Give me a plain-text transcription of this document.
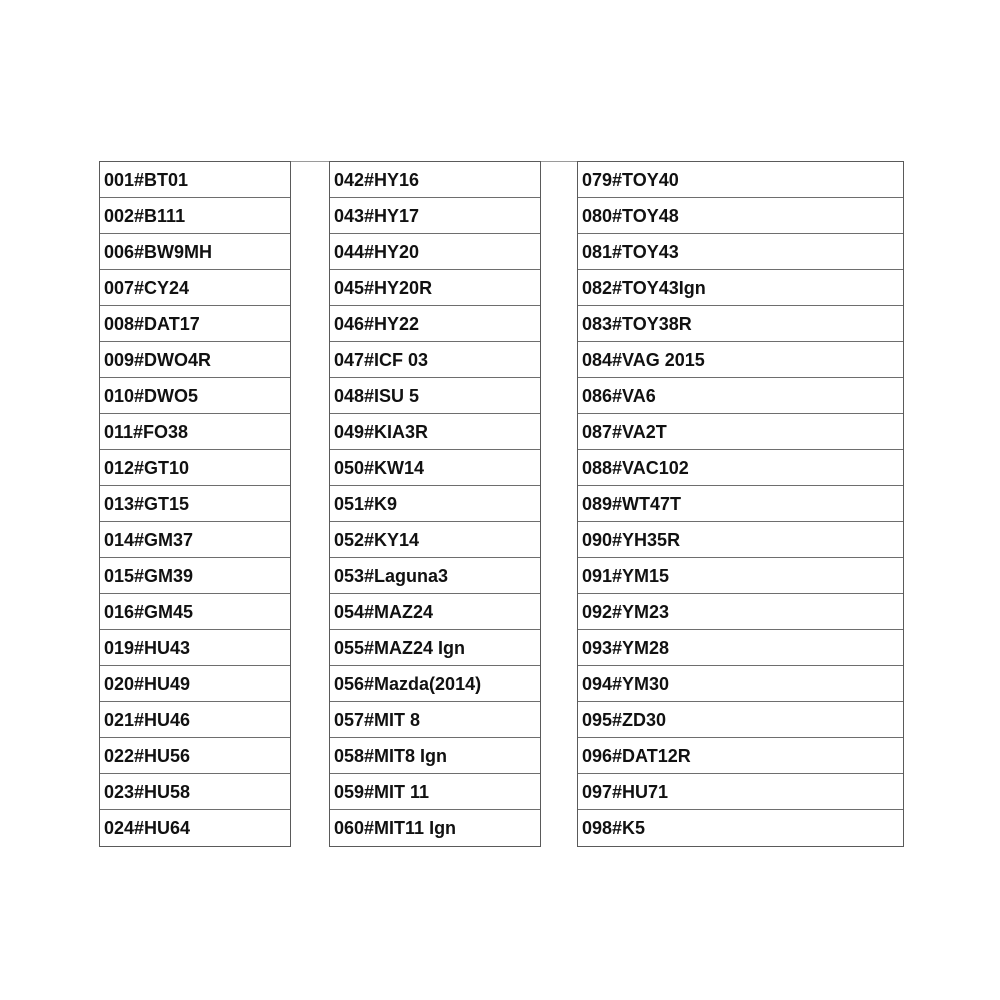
001#BT01
002#B111
006#BW9MH
007#CY24
008#DAT17
009#DWO4R
010#DWO5
011#FO38
012#GT10
013#GT15
014#GM37
015#GM39
016#GM45
019#HU43
020#HU49
021#HU46
022#HU56
023#HU58
024#HU64
042#HY16
043#HY17
044#HY20
045#HY20R
046#HY22
047#ICF 03
048#ISU 5
049#KIA3R
050#KW14
051#K9
052#KY14
053#Laguna3
054#MAZ24
055#MAZ24 Ign
056#Mazda(2014)
057#MIT 8
058#MIT8 Ign
059#MIT 11
060#MIT11 Ign
079#TOY40
080#TOY48
081#TOY43
082#TOY43Ign
083#TOY38R
084#VAG 2015
086#VA6
087#VA2T
088#VAC102
089#WT47T
090#YH35R
091#YM15
092#YM23
093#YM28
094#YM30
095#ZD30
096#DAT12R
097#HU71
098#K5
